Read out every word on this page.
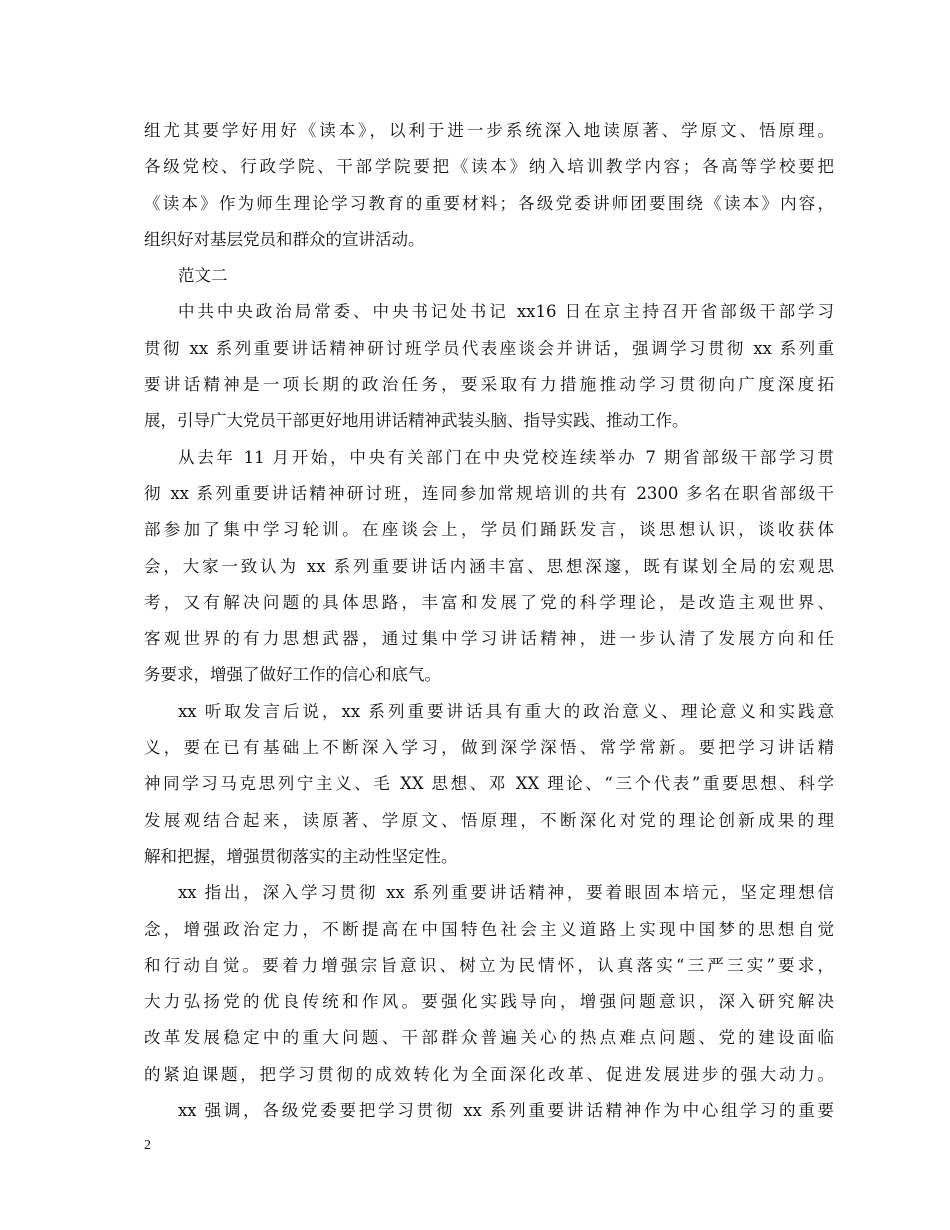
组尤其要学好用好《读本》，以利于进一步系统深入地读原著、学原文、悟原理。
各级党校、行政学院、干部学院要把《读本》纳入培训教学内容；各高等学校要把
《读本》作为师生理论学习教育的重要材料；各级党委讲师团要围绕《读本》内容，
组织好对基层党员和群众的宣讲活动。
范文二
中共中央政治局常委、中央书记处书记 xx16 日在京主持召开省部级干部学习
贯彻 xx 系列重要讲话精神研讨班学员代表座谈会并讲话，强调学习贯彻 xx 系列重
要讲话精神是一项长期的政治任务，要采取有力措施推动学习贯彻向广度深度拓
展，引导广大党员干部更好地用讲话精神武装头脑、指导实践、推动工作。
从去年 11 月开始，中央有关部门在中央党校连续举办 7 期省部级干部学习贯
彻 xx 系列重要讲话精神研讨班，连同参加常规培训的共有 2300 多名在职省部级干
部参加了集中学习轮训。在座谈会上，学员们踊跃发言，谈思想认识，谈收获体
会，大家一致认为 xx 系列重要讲话内涵丰富、思想深邃，既有谋划全局的宏观思
考，又有解决问题的具体思路，丰富和发展了党的科学理论，是改造主观世界、
客观世界的有力思想武器，通过集中学习讲话精神，进一步认清了发展方向和任
务要求，增强了做好工作的信心和底气。
xx 听取发言后说，xx 系列重要讲话具有重大的政治意义、理论意义和实践意
义，要在已有基础上不断深入学习，做到深学深悟、常学常新。要把学习讲话精
神同学习马克思列宁主义、毛 XX 思想、邓 XX 理论、“三个代表”重要思想、科学
发展观结合起来，读原著、学原文、悟原理，不断深化对党的理论创新成果的理
解和把握，增强贯彻落实的主动性坚定性。
xx 指出，深入学习贯彻 xx 系列重要讲话精神，要着眼固本培元，坚定理想信
念，增强政治定力，不断提高在中国特色社会主义道路上实现中国梦的思想自觉
和行动自觉。要着力增强宗旨意识、树立为民情怀，认真落实“三严三实”要求，
大力弘扬党的优良传统和作风。要强化实践导向，增强问题意识，深入研究解决
改革发展稳定中的重大问题、干部群众普遍关心的热点难点问题、党的建设面临
的紧迫课题，把学习贯彻的成效转化为全面深化改革、促进发展进步的强大动力。
xx 强调，各级党委要把学习贯彻 xx 系列重要讲话精神作为中心组学习的重要
2
